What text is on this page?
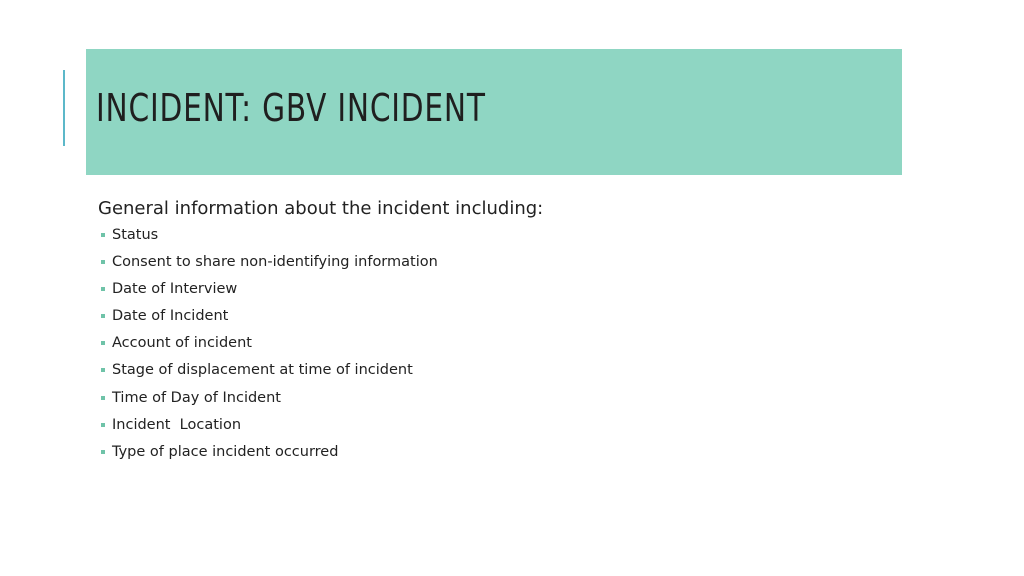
INCIDENT: GBV INCIDENT

General information about the incident including:

Status
Consent to share non-identifying information
Date of Interview
Date of Incident
Account of incident
Stage of displacement at time of incident
Time of Day of Incident
Incident  Location
Type of place incident occurred
